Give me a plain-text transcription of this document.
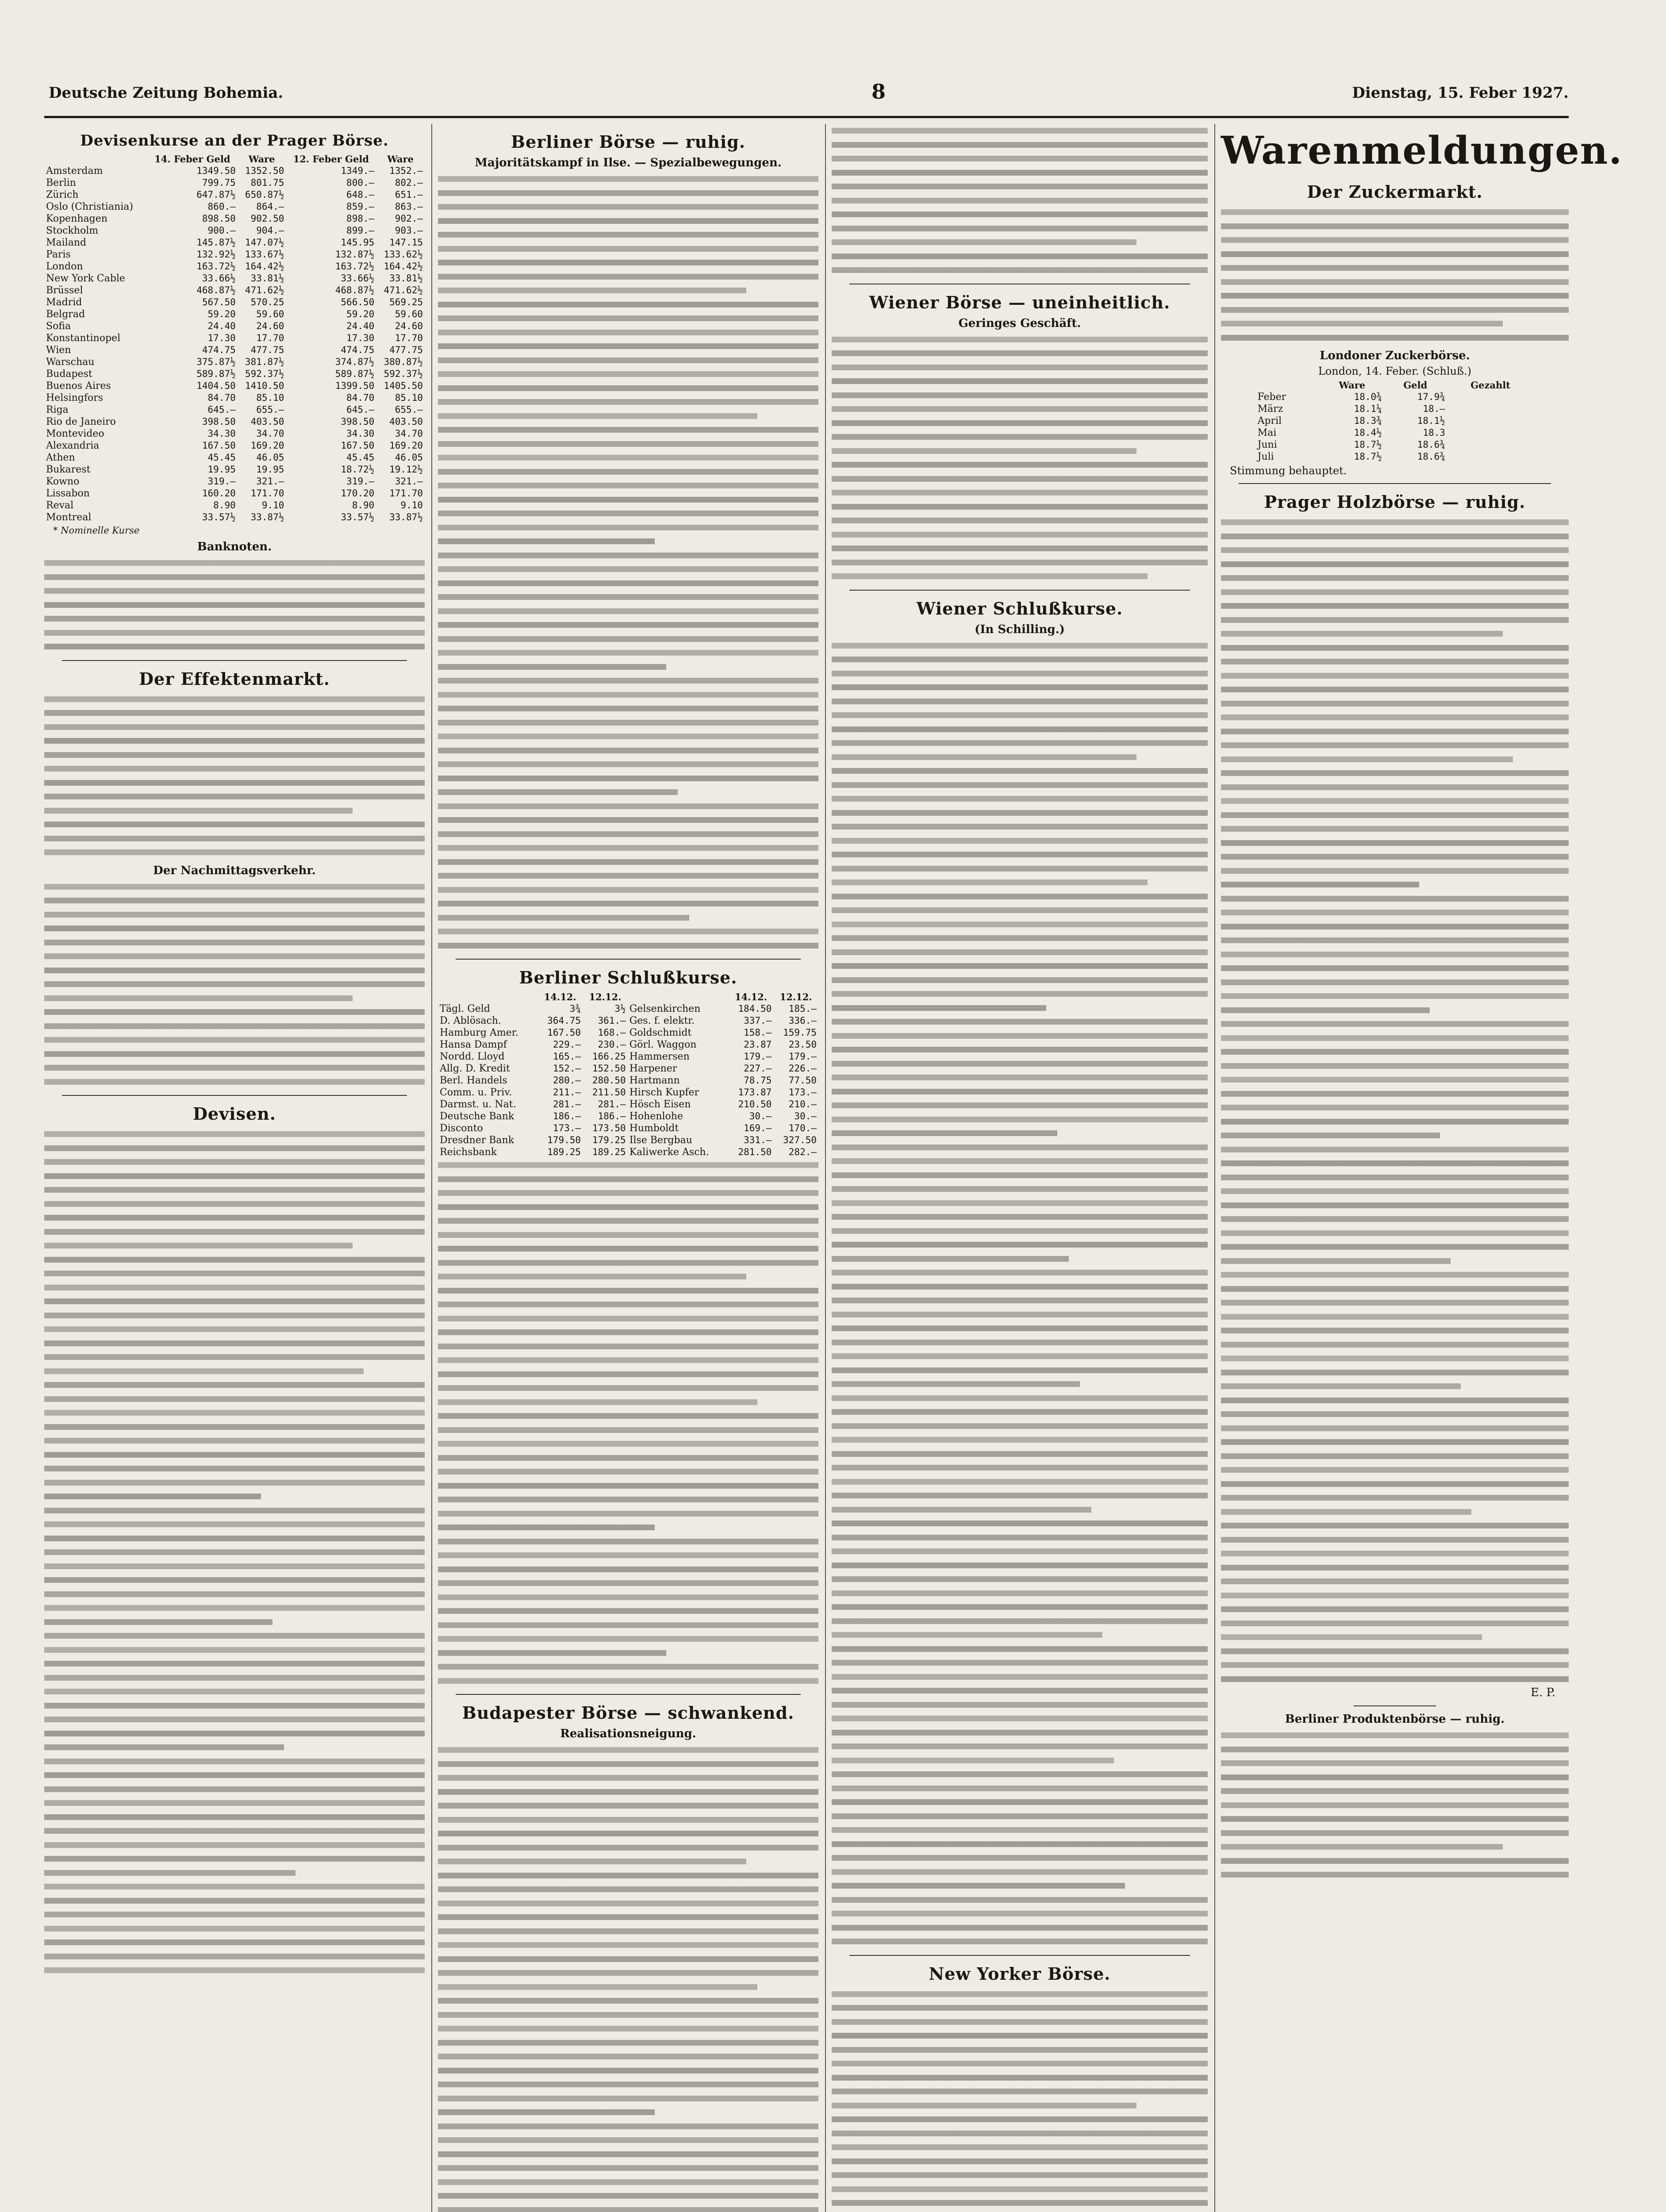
Deutsche Zeitung Bohemia.	8	Dienstag, 15. Feber 1927.
Devisenkurse an der Prager Börse.
	14. Feber Geld	Ware	12. Feber Geld	Ware
Amsterdam	1349.50	1352.50	1349.—	1352.—
Berlin	799.75	801.75	800.—	802.—
Zürich	647.87½	650.87½	648.—	651.—
Oslo (Christiania)	860.—	864.—	859.—	863.—
Kopenhagen	898.50	902.50	898.—	902.—
Stockholm	900.—	904.—	899.—	903.—
Mailand	145.87½	147.07½	145.95	147.15
Paris	132.92½	133.67½	132.87½	133.62½
London	163.72½	164.42½	163.72½	164.42½
New York Cable	33.66½	33.81½	33.66½	33.81½
Brüssel	468.87½	471.62½	468.87½	471.62½
Madrid	567.50	570.25	566.50	569.25
Belgrad	59.20	59.60	59.20	59.60
Sofia	24.40	24.60	24.40	24.60
Konstantinopel	17.30	17.70	17.30	17.70
Wien	474.75	477.75	474.75	477.75
Warschau	375.87½	381.87½	374.87½	380.87½
Budapest	589.87½	592.37½	589.87½	592.37½
Buenos Aires	1404.50	1410.50	1399.50	1405.50
Helsingfors	84.70	85.10	84.70	85.10
Riga	645.—	655.—	645.—	655.—
Rio de Janeiro	398.50	403.50	398.50	403.50
Montevideo	34.30	34.70	34.30	34.70
Alexandria	167.50	169.20	167.50	169.20
Athen	45.45	46.05	45.45	46.05
Bukarest	19.95	19.95	18.72½	19.12½
Kowno	319.—	321.—	319.—	321.—
Lissabon	160.20	171.70	170.20	171.70
Reval	8.90	9.10	8.90	9.10
Montreal	33.57½	33.87½	33.57½	33.87½
* Nominelle Kurse
Banknoten.
Der Effektenmarkt.
Der Nachmittagsverkehr.
Devisen.
Berliner Börse — ruhig.
Majoritätskampf in Ilse. — Spezialbewegungen.
Berliner Schlußkurse.
	14.12.	12.12.		14.12.	12.12.
Tägl. Geld	3¾	3½	Gelsenkirchen	184.50	185.—
D. Ablösach.	364.75	361.—	Ges. f. elektr.	337.—	336.—
Hamburg Amer.	167.50	168.—	Goldschmidt	158.—	159.75
Hansa Dampf	229.—	230.—	Görl. Waggon	23.87	23.50
Nordd. Lloyd	165.—	166.25	Hammersen	179.—	179.—
Allg. D. Kredit	152.—	152.50	Harpener	227.—	226.—
Berl. Handels	280.—	280.50	Hartmann	78.75	77.50
Comm. u. Priv.	211.—	211.50	Hirsch Kupfer	173.87	173.—
Darmst. u. Nat.	281.—	281.—	Hösch Eisen	210.50	210.—
Deutsche Bank	186.—	186.—	Hohenlohe	30.—	30.—
Disconto	173.—	173.50	Humboldt	169.—	170.—
Dresdner Bank	179.50	179.25	Ilse Bergbau	331.—	327.50
Reichsbank	189.25	189.25	Kaliwerke Asch.	281.50	282.—
Budapester Börse — schwankend.
Realisationsneigung.
Wiener Börse — uneinheitlich.
Geringes Geschäft.
Wiener Schlußkurse.
(In Schilling.)
New Yorker Börse.
Warenmeldungen.
Der Zuckermarkt.
Londoner Zuckerbörse.
London, 14. Feber. (Schluß.)
	Ware	Geld	Gezahlt
Feber	18.0¾	17.9¾	
März	18.1¼	18.—	
April	18.3¾	18.1½	
Mai	18.4½	18.3	
Juni	18.7½	18.6¾	
Juli	18.7½	18.6¾	
Stimmung behauptet.
Prager Holzbörse — ruhig.
E. P.
Berliner Produktenbörse — ruhig.
